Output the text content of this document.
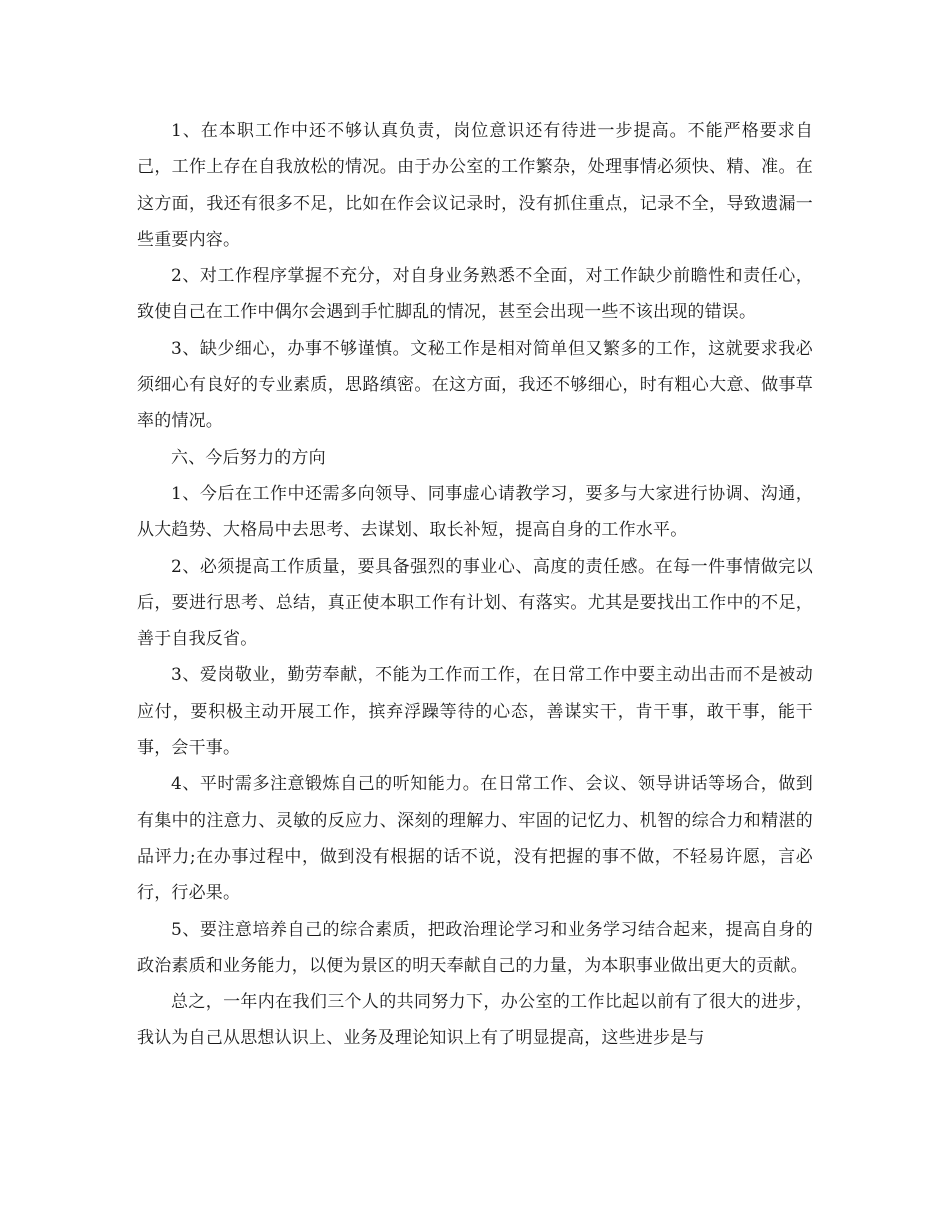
1、在本职工作中还不够认真负责，岗位意识还有待进一步提高。不能严格要求自己，工作上存在自我放松的情况。由于办公室的工作繁杂，处理事情必须快、精、准。在这方面，我还有很多不足，比如在作会议记录时，没有抓住重点，记录不全，导致遗漏一些重要内容。

2、对工作程序掌握不充分，对自身业务熟悉不全面，对工作缺少前瞻性和责任心，致使自己在工作中偶尔会遇到手忙脚乱的情况，甚至会出现一些不该出现的错误。

3、缺少细心，办事不够谨慎。文秘工作是相对简单但又繁多的工作，这就要求我必须细心有良好的专业素质，思路缜密。在这方面，我还不够细心，时有粗心大意、做事草率的情况。

六、今后努力的方向

1、今后在工作中还需多向领导、同事虚心请教学习，要多与大家进行协调、沟通，从大趋势、大格局中去思考、去谋划、取长补短，提高自身的工作水平。

2、必须提高工作质量，要具备强烈的事业心、高度的责任感。在每一件事情做完以后，要进行思考、总结，真正使本职工作有计划、有落实。尤其是要找出工作中的不足，善于自我反省。

3、爱岗敬业，勤劳奉献，不能为工作而工作，在日常工作中要主动出击而不是被动应付，要积极主动开展工作，摈弃浮躁等待的心态，善谋实干，肯干事，敢干事，能干事，会干事。

4、平时需多注意锻炼自己的听知能力。在日常工作、会议、领导讲话等场合，做到有集中的注意力、灵敏的反应力、深刻的理解力、牢固的记忆力、机智的综合力和精湛的品评力;在办事过程中，做到没有根据的话不说，没有把握的事不做，不轻易许愿，言必行，行必果。

5、要注意培养自己的综合素质，把政治理论学习和业务学习结合起来，提高自身的政治素质和业务能力，以便为景区的明天奉献自己的力量，为本职事业做出更大的贡献。

总之，一年内在我们三个人的共同努力下，办公室的工作比起以前有了很大的进步，我认为自己从思想认识上、业务及理论知识上有了明显提高，这些进步是与
